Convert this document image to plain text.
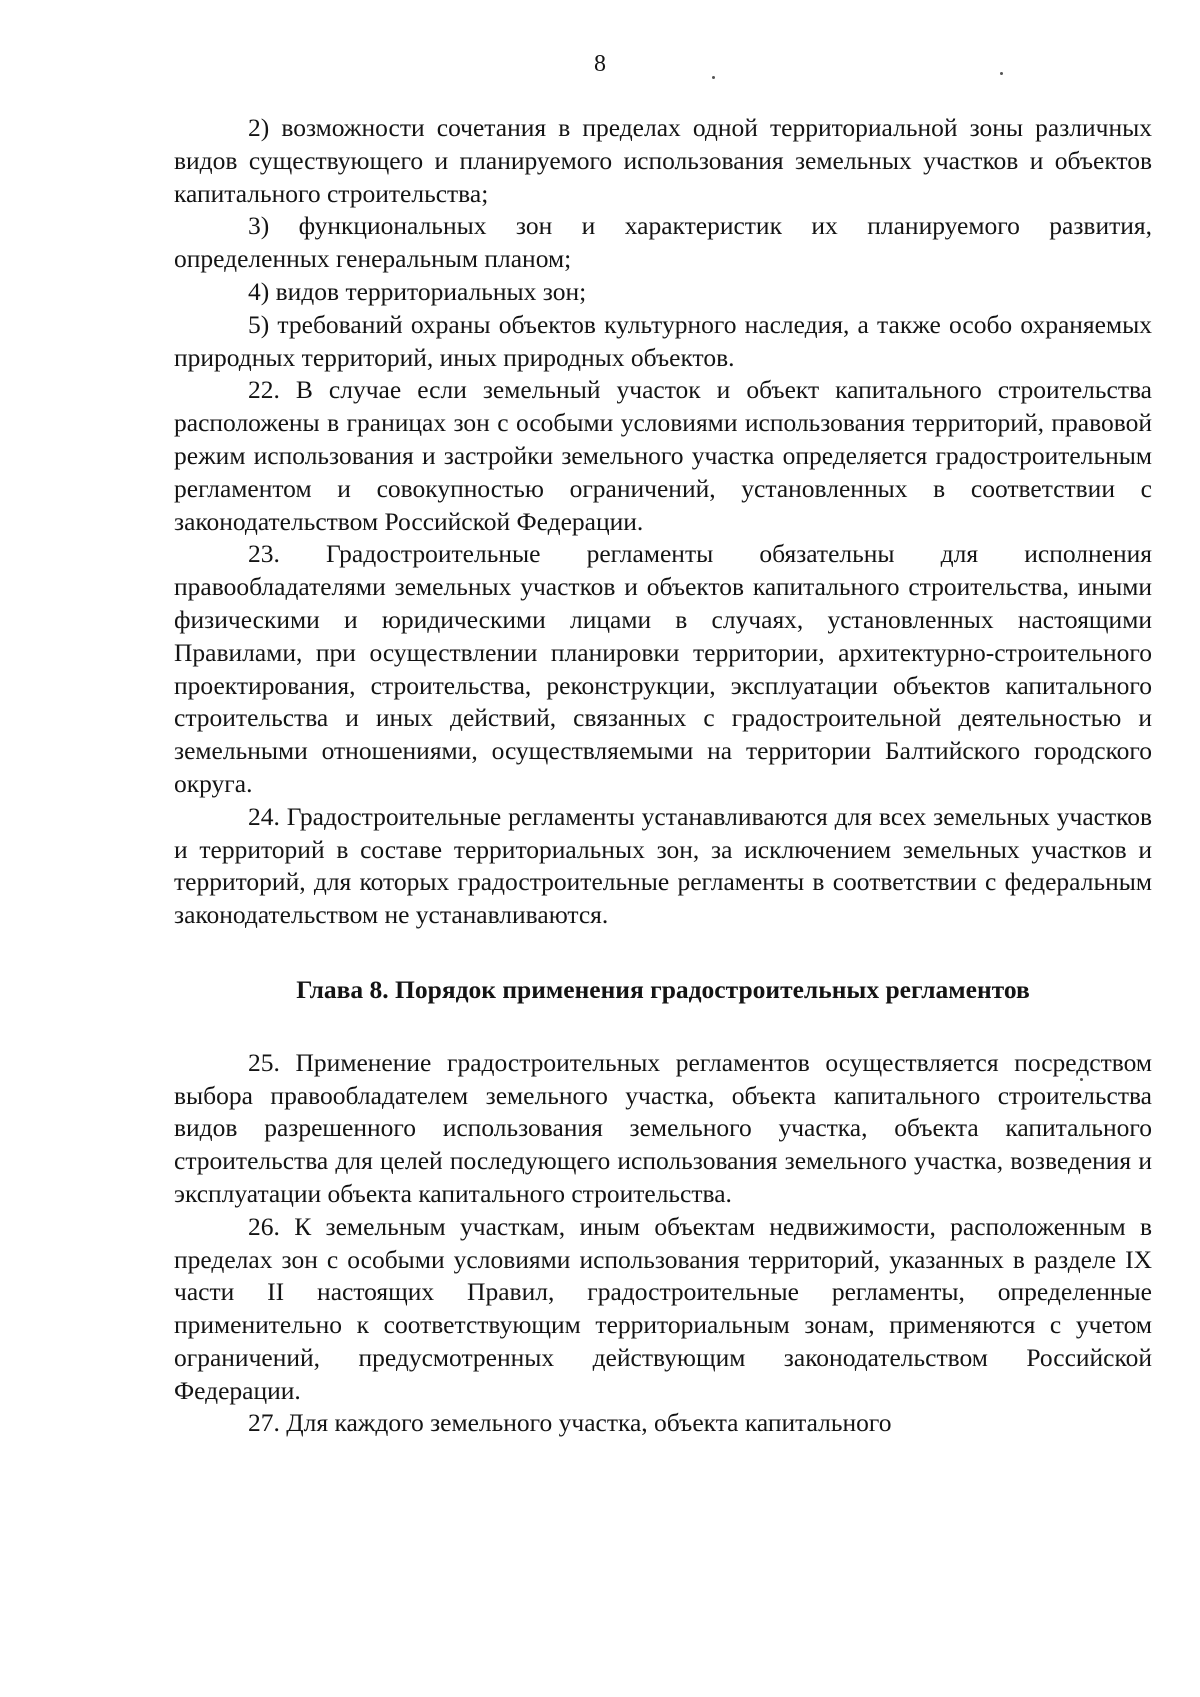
8

2) возможности сочетания в пределах одной территориальной зоны различных видов существующего и планируемого использования земельных участков и объектов капитального строительства;

3) функциональных зон и характеристик их планируемого развития, определенных генеральным планом;

4) видов территориальных зон;

5) требований охраны объектов культурного наследия, а также особо охраняемых природных территорий, иных природных объектов.

22. В случае если земельный участок и объект капитального строительства расположены в границах зон с особыми условиями использования территорий, правовой режим использования и застройки земельного участка определяется градостроительным регламентом и совокупностью ограничений, установленных в соответствии с законодательством Российской Федерации.

23. Градостроительные регламенты обязательны для исполнения правообладателями земельных участков и объектов капитального строительства, иными физическими и юридическими лицами в случаях, установленных настоящими Правилами, при осуществлении планировки территории, архитектурно-строительного проектирования, строительства, реконструкции, эксплуатации объектов капитального строительства и иных действий, связанных с градостроительной деятельностью и земельными отношениями, осуществляемыми на территории Балтийского городского округа.

24. Градостроительные регламенты устанавливаются для всех земельных участков и территорий в составе территориальных зон, за исключением земельных участков и территорий, для которых градостроительные регламенты в соответствии с федеральным законодательством не устанавливаются.

Глава 8. Порядок применения градостроительных регламентов

25. Применение градостроительных регламентов осуществляется посредством выбора правообладателем земельного участка, объекта капитального строительства видов разрешенного использования земельного участка, объекта капитального строительства для целей последующего использования земельного участка, возведения и эксплуатации объекта капитального строительства.

26. К земельным участкам, иным объектам недвижимости, расположенным в пределах зон с особыми условиями использования территорий, указанных в разделе IX части II настоящих Правил, градостроительные регламенты, определенные применительно к соответствующим территориальным зонам, применяются с учетом ограничений, предусмотренных действующим законодательством Российской Федерации.

27. Для каждого земельного участка, объекта капитального
